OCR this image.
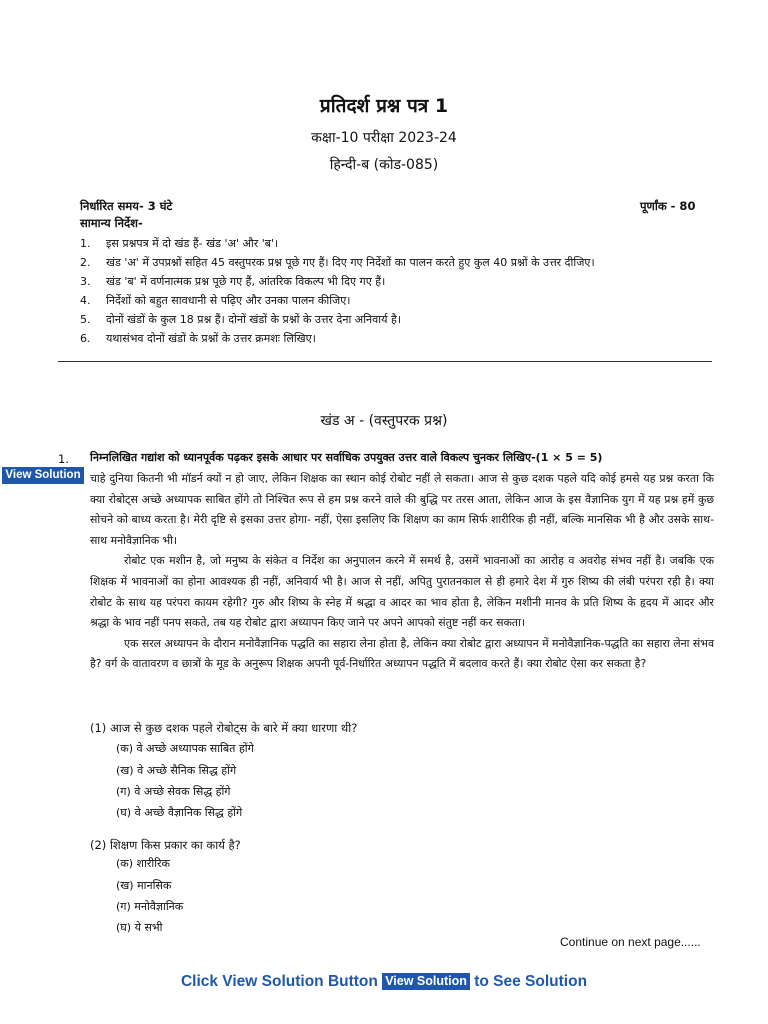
प्रतिदर्श प्रश्न पत्र 1
कक्षा-10 परीक्षा 2023-24
हिन्दी-ब (कोड-085)
निर्धारित समय- 3 घंटे	पूर्णांक - 80
सामान्य निर्देश-
1. इस प्रश्नपत्र में दो खंड हैं- खंड 'अ' और 'ब'।
2. खंड 'अ' में उपप्रश्नों सहित 45 वस्तुपरक प्रश्न पूछे गए हैं। दिए गए निर्देशों का पालन करते हुए कुल 40 प्रश्नों के उत्तर दीजिए।
3. खंड 'ब' में वर्णनात्मक प्रश्न पूछे गए हैं, आंतरिक विकल्प भी दिए गए हैं।
4. निर्देशों को बहुत सावधानी से पढ़िए और उनका पालन कीजिए।
5. दोनों खंडों के कुल 18 प्रश्न हैं। दोनों खंडों के प्रश्नों के उत्तर देना अनिवार्य है।
6. यथासंभव दोनों खंडों के प्रश्नों के उत्तर क्रमशः लिखिए।
खंड अ - (वस्तुपरक प्रश्न)
1. निम्नलिखित गद्यांश को ध्यानपूर्वक पढ़कर इसके आधार पर सर्वाधिक उपयुक्त उत्तर वाले विकल्प चुनकर लिखिए-(1 × 5 = 5)
View Solution चाहे दुनिया कितनी भी मॉडर्न क्यों न हो जाए, लेकिन शिक्षक का स्थान कोई रोबोट नहीं ले सकता। आज से कुछ दशक पहले यदि कोई हमसे यह प्रश्न करता कि क्या रोबोट्स अच्छे अध्यापक साबित होंगे तो निश्चित रूप से हम प्रश्न करने वाले की बुद्धि पर तरस आता, लेकिन आज के इस वैज्ञानिक युग में यह प्रश्न हमें कुछ सोचने को बाध्य करता है। मेरी दृष्टि से इसका उत्तर होगा- नहीं, ऐसा इसलिए कि शिक्षण का काम सिर्फ शारीरिक ही नहीं, बल्कि मानसिक भी है और उसके साथ-साथ मनोवैज्ञानिक भी।

रोबोट एक मशीन है, जो मनुष्य के संकेत व निर्देश का अनुपालन करने में समर्थ है, उसमें भावनाओं का आरोह व अवरोह संभव नहीं है। जबकि एक शिक्षक में भावनाओं का होना आवश्यक ही नहीं, अनिवार्य भी है। आज से नहीं, अपितु पुरातनकाल से ही हमारे देश में गुरु शिष्य की लंबी परंपरा रही है। क्या रोबोट के साथ यह परंपरा कायम रहेगी? गुरु और शिष्य के स्नेह में श्रद्धा व आदर का भाव होता है, लेकिन मशीनी मानव के प्रति शिष्य के हृदय में आदर और श्रद्धा के भाव नहीं पनप सकते, तब यह रोबोट द्वारा अध्यापन किए जाने पर अपने आपको संतुष्ट नहीं कर सकता।

एक सरल अध्यापन के दौरान मनोवैज्ञानिक पद्धति का सहारा लेना होता है, लेकिन क्या रोबोट द्वारा अध्यापन में मनोवैज्ञानिक-पद्धति का सहारा लेना संभव है? वर्ग के वातावरण व छात्रों के मूड के अनुरूप शिक्षक अपनी पूर्व-निर्धारित अध्यापन पद्धति में बदलाव करते हैं। क्या रोबोट ऐसा कर सकता है?

(1) आज से कुछ दशक पहले रोबोट्स के बारे में क्या धारणा थी?
(क) वे अच्छे अध्यापक साबित होंगे
(ख) वे अच्छे सैनिक सिद्ध होंगे
(ग) वे अच्छे सेवक सिद्ध होंगे
(घ) वे अच्छे वैज्ञानिक सिद्ध होंगे
(2) शिक्षण किस प्रकार का कार्य है?
(क) शारीरिक
(ख) मानसिक
(ग) मनोवैज्ञानिक
(घ) ये सभी
Continue on next page......
Click View Solution Button View Solution to See Solution
